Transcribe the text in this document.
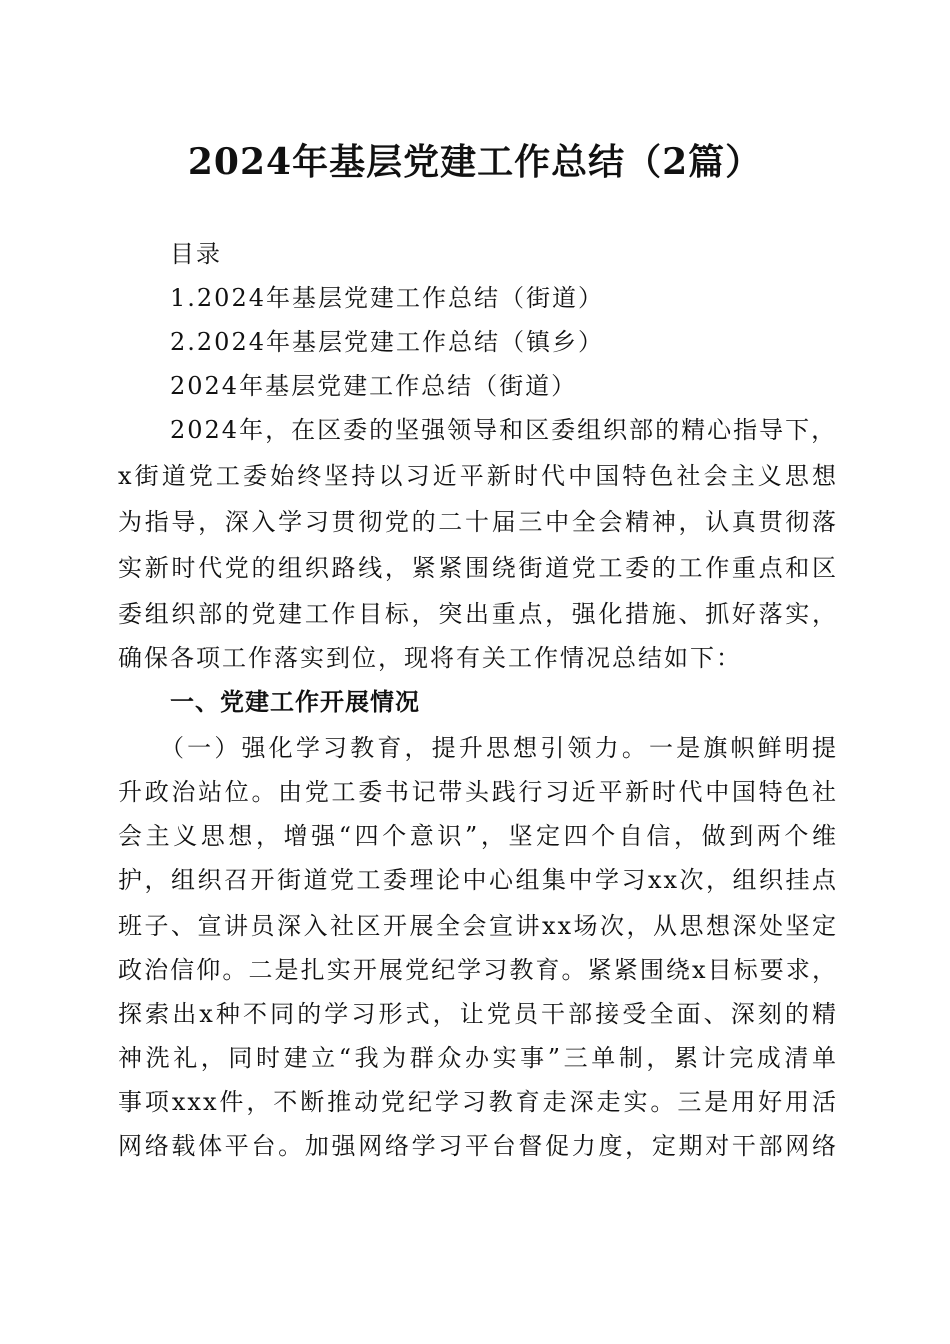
2024年基层党建工作总结（2篇）
目录
1.2024年基层党建工作总结（街道）
2.2024年基层党建工作总结（镇乡）
2024年基层党建工作总结（街道）
2024年，在区委的坚强领导和区委组织部的精心指导下，
x街道党工委始终坚持以习近平新时代中国特色社会主义思想
为指导，深入学习贯彻党的二十届三中全会精神，认真贯彻落
实新时代党的组织路线，紧紧围绕街道党工委的工作重点和区
委组织部的党建工作目标，突出重点，强化措施、抓好落实，
确保各项工作落实到位，现将有关工作情况总结如下：
一、党建工作开展情况
（一）强化学习教育，提升思想引领力。一是旗帜鲜明提
升政治站位。由党工委书记带头践行习近平新时代中国特色社
会主义思想，增强“四个意识”，坚定四个自信，做到两个维
护，组织召开街道党工委理论中心组集中学习xx次，组织挂点
班子、宣讲员深入社区开展全会宣讲xx场次，从思想深处坚定
政治信仰。二是扎实开展党纪学习教育。紧紧围绕x目标要求，
探索出x种不同的学习形式，让党员干部接受全面、深刻的精
神洗礼，同时建立“我为群众办实事”三单制，累计完成清单
事项xxx件，不断推动党纪学习教育走深走实。三是用好用活
网络载体平台。加强网络学习平台督促力度，定期对干部网络
